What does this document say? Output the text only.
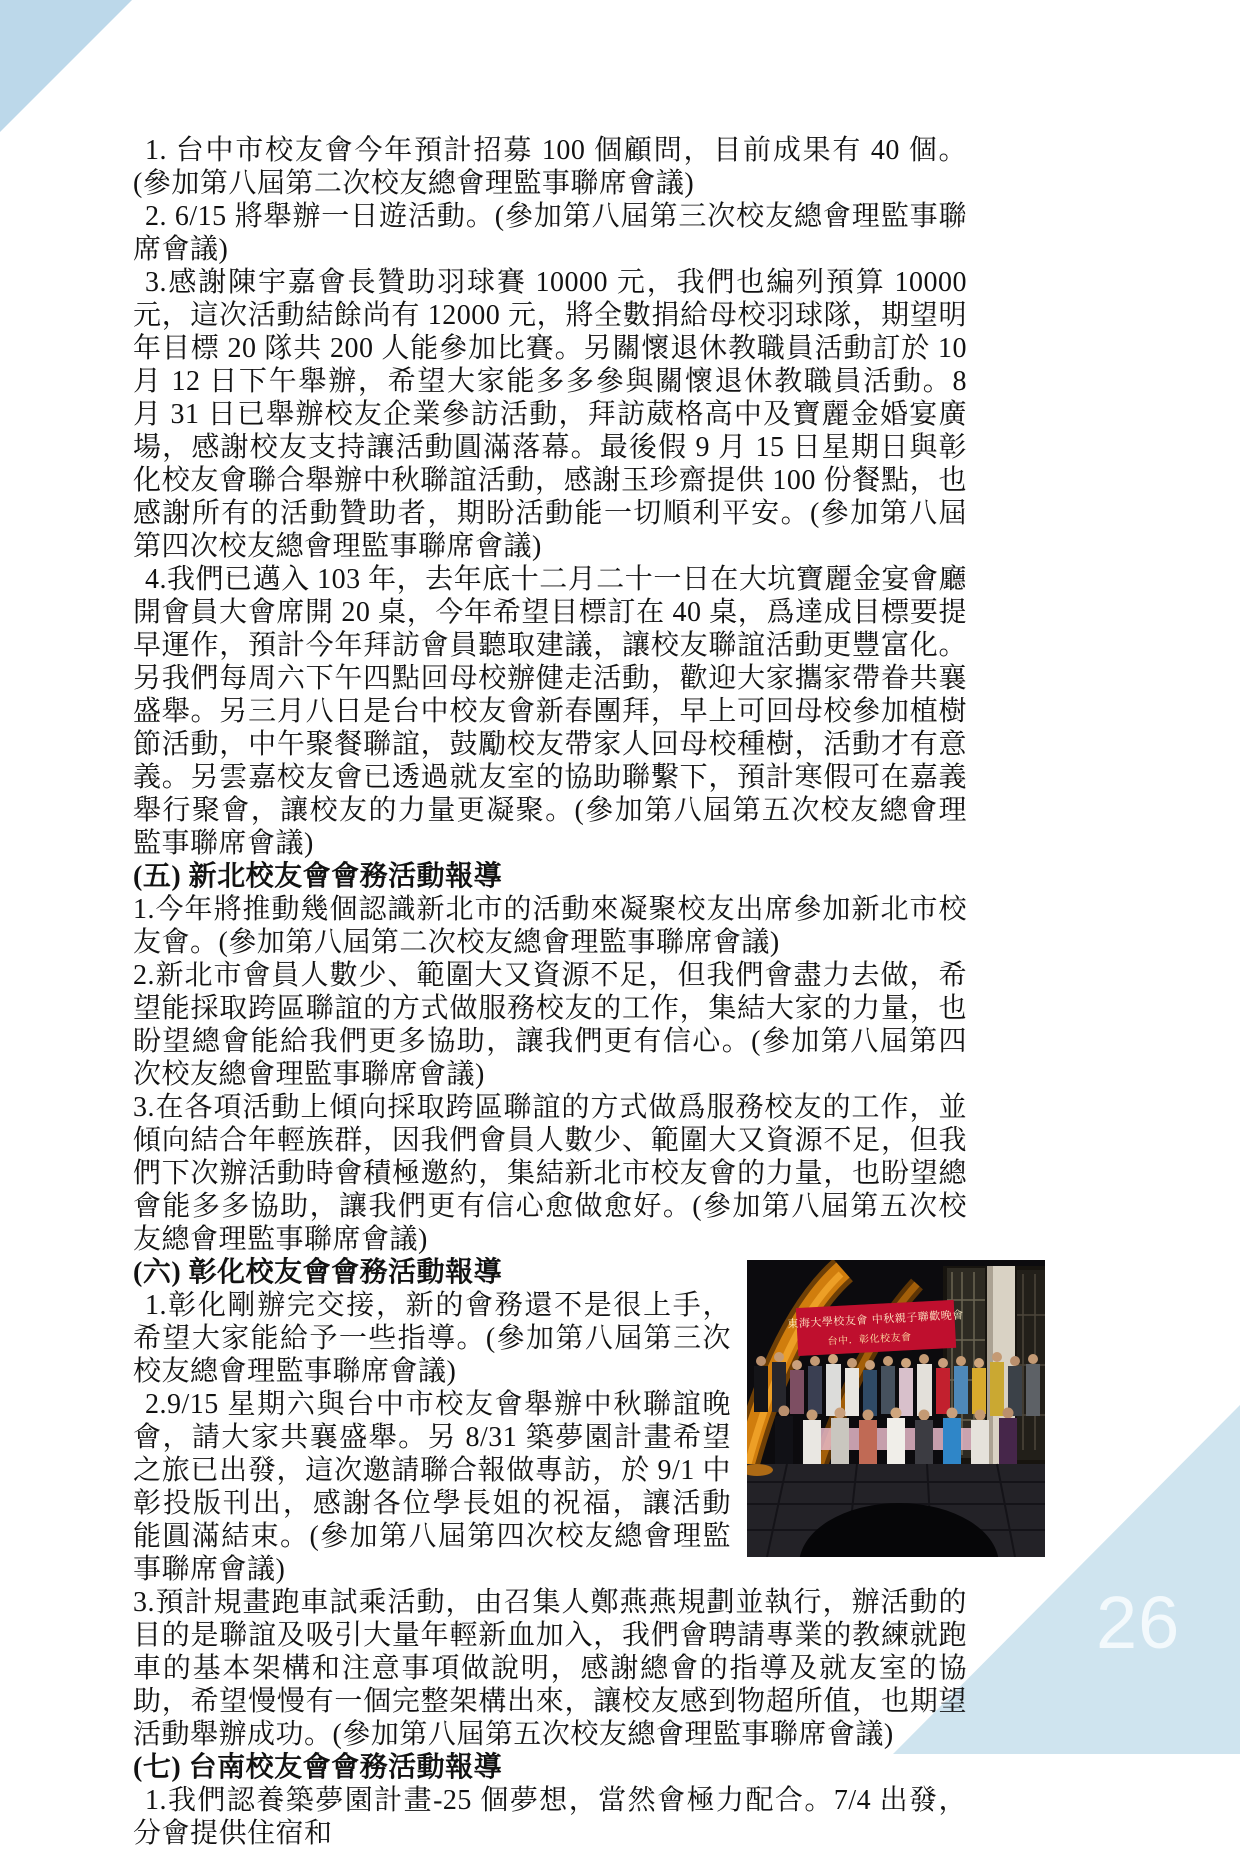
1. 台中市校友會今年預計招募 100 個顧問，目前成果有 40 個。(參加第八屆第二次校友總會理監事聯席會議)

2. 6/15 將舉辦一日遊活動。(參加第八屆第三次校友總會理監事聯席會議)

3.感謝陳宇嘉會長贊助羽球賽 10000 元，我們也編列預算 10000 元，這次活動結餘尚有 12000 元，將全數捐給母校羽球隊，期望明年目標 20 隊共 200 人能參加比賽。另關懷退休教職員活動訂於 10 月 12 日下午舉辦，希望大家能多多參與關懷退休教職員活動。8 月 31 日已舉辦校友企業參訪活動，拜訪葳格高中及寶麗金婚宴廣場，感謝校友支持讓活動圓滿落幕。最後假 9 月 15 日星期日與彰化校友會聯合舉辦中秋聯誼活動，感謝玉珍齋提供 100 份餐點，也感謝所有的活動贊助者，期盼活動能一切順利平安。(參加第八屆第四次校友總會理監事聯席會議)

4.我們已邁入 103 年，去年底十二月二十一日在大坑寶麗金宴會廳開會員大會席開 20 桌，今年希望目標訂在 40 桌，爲達成目標要提早運作，預計今年拜訪會員聽取建議，讓校友聯誼活動更豐富化。另我們每周六下午四點回母校辦健走活動，歡迎大家攜家帶眷共襄盛舉。另三月八日是台中校友會新春團拜，早上可回母校參加植樹節活動，中午聚餐聯誼，鼓勵校友帶家人回母校種樹，活動才有意義。另雲嘉校友會已透過就友室的協助聯繫下，預計寒假可在嘉義舉行聚會，讓校友的力量更凝聚。(參加第八屆第五次校友總會理監事聯席會議)

(五) 新北校友會會務活動報導

1.今年將推動幾個認識新北市的活動來凝聚校友出席參加新北市校友會。(參加第八屆第二次校友總會理監事聯席會議)

2.新北市會員人數少、範圍大又資源不足，但我們會盡力去做，希望能採取跨區聯誼的方式做服務校友的工作，集結大家的力量，也盼望總會能給我們更多協助，讓我們更有信心。(參加第八屆第四次校友總會理監事聯席會議)

3.在各項活動上傾向採取跨區聯誼的方式做爲服務校友的工作，並傾向結合年輕族群，因我們會員人數少、範圍大又資源不足，但我們下次辦活動時會積極邀約，集結新北市校友會的力量，也盼望總會能多多協助，讓我們更有信心愈做愈好。(參加第八屆第五次校友總會理監事聯席會議)

東海大學校友會 中秋親子聯歡晚會
台中．彰化校友會

(六) 彰化校友會會務活動報導

1.彰化剛辦完交接，新的會務還不是很上手，希望大家能給予一些指導。(參加第八屆第三次校友總會理監事聯席會議)

2.9/15 星期六與台中市校友會舉辦中秋聯誼晚會，請大家共襄盛舉。另 8/31 築夢園計畫希望之旅已出發，這次邀請聯合報做專訪，於 9/1 中彰投版刊出，感謝各位學長姐的祝福，讓活動能圓滿結束。(參加第八屆第四次校友總會理監事聯席會議)

3.預計規畫跑車試乘活動，由召集人鄭燕燕規劃並執行，辦活動的目的是聯誼及吸引大量年輕新血加入，我們會聘請專業的教練就跑車的基本架構和注意事項做說明，感謝總會的指導及就友室的協助，希望慢慢有一個完整架構出來，讓校友感到物超所值，也期望活動舉辦成功。(參加第八屆第五次校友總會理監事聯席會議)

(七) 台南校友會會務活動報導

1.我們認養築夢園計畫-25 個夢想，當然會極力配合。7/4 出發，分會提供住宿和

26
